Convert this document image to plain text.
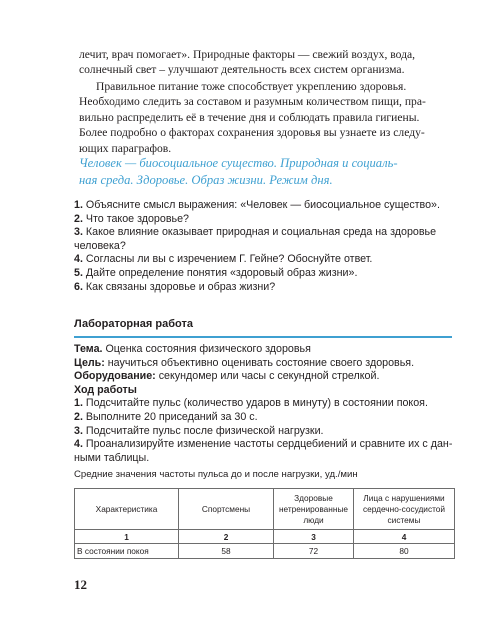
лечит, врач помогает». Природные факторы — свежий воздух, вода,
солнечный свет – улучшают деятельность всех систем организма.
Правильное питание тоже способствует укреплению здоровья.
Необходимо следить за составом и разумным количеством пищи, пра-
вильно распределить её в течение дня и соблюдать правила гигиены.
Более подробно о факторах сохранения здоровья вы узнаете из следу-
ющих параграфов.
Человек — биосоциальное существо. Природная и социаль-
ная среда. Здоровье. Образ жизни. Режим дня.
1. Объясните смысл выражения: «Человек — биосоциальное существо».
2. Что такое здоровье?
3. Какое влияние оказывает природная и социальная среда на здоровье
человека?
4. Согласны ли вы с изречением Г. Гейне? Обоснуйте ответ.
5. Дайте определение понятия «здоровый образ жизни».
6. Как связаны здоровье и образ жизни?
Лабораторная работа
Тема. Оценка состояния физического здоровья
Цель: научиться объективно оценивать состояние своего здоровья.
Оборудование: секундомер или часы с секундной стрелкой.
Ход работы
1. Подсчитайте пульс (количество ударов в минуту) в состоянии покоя.
2. Выполните 20 приседаний за 30 с.
3. Подсчитайте пульс после физической нагрузки.
4. Проанализируйте изменение частоты сердцебиений и сравните их с дан-
ными таблицы.
Средние значения частоты пульса до и после нагрузки, уд./мин
Характеристика	Спортсмены	Здоровые
нетренированные
люди	Лица с нарушениями
сердечно-сосудистой
системы
1	2	3	4
В состоянии покоя	58	72	80
12
